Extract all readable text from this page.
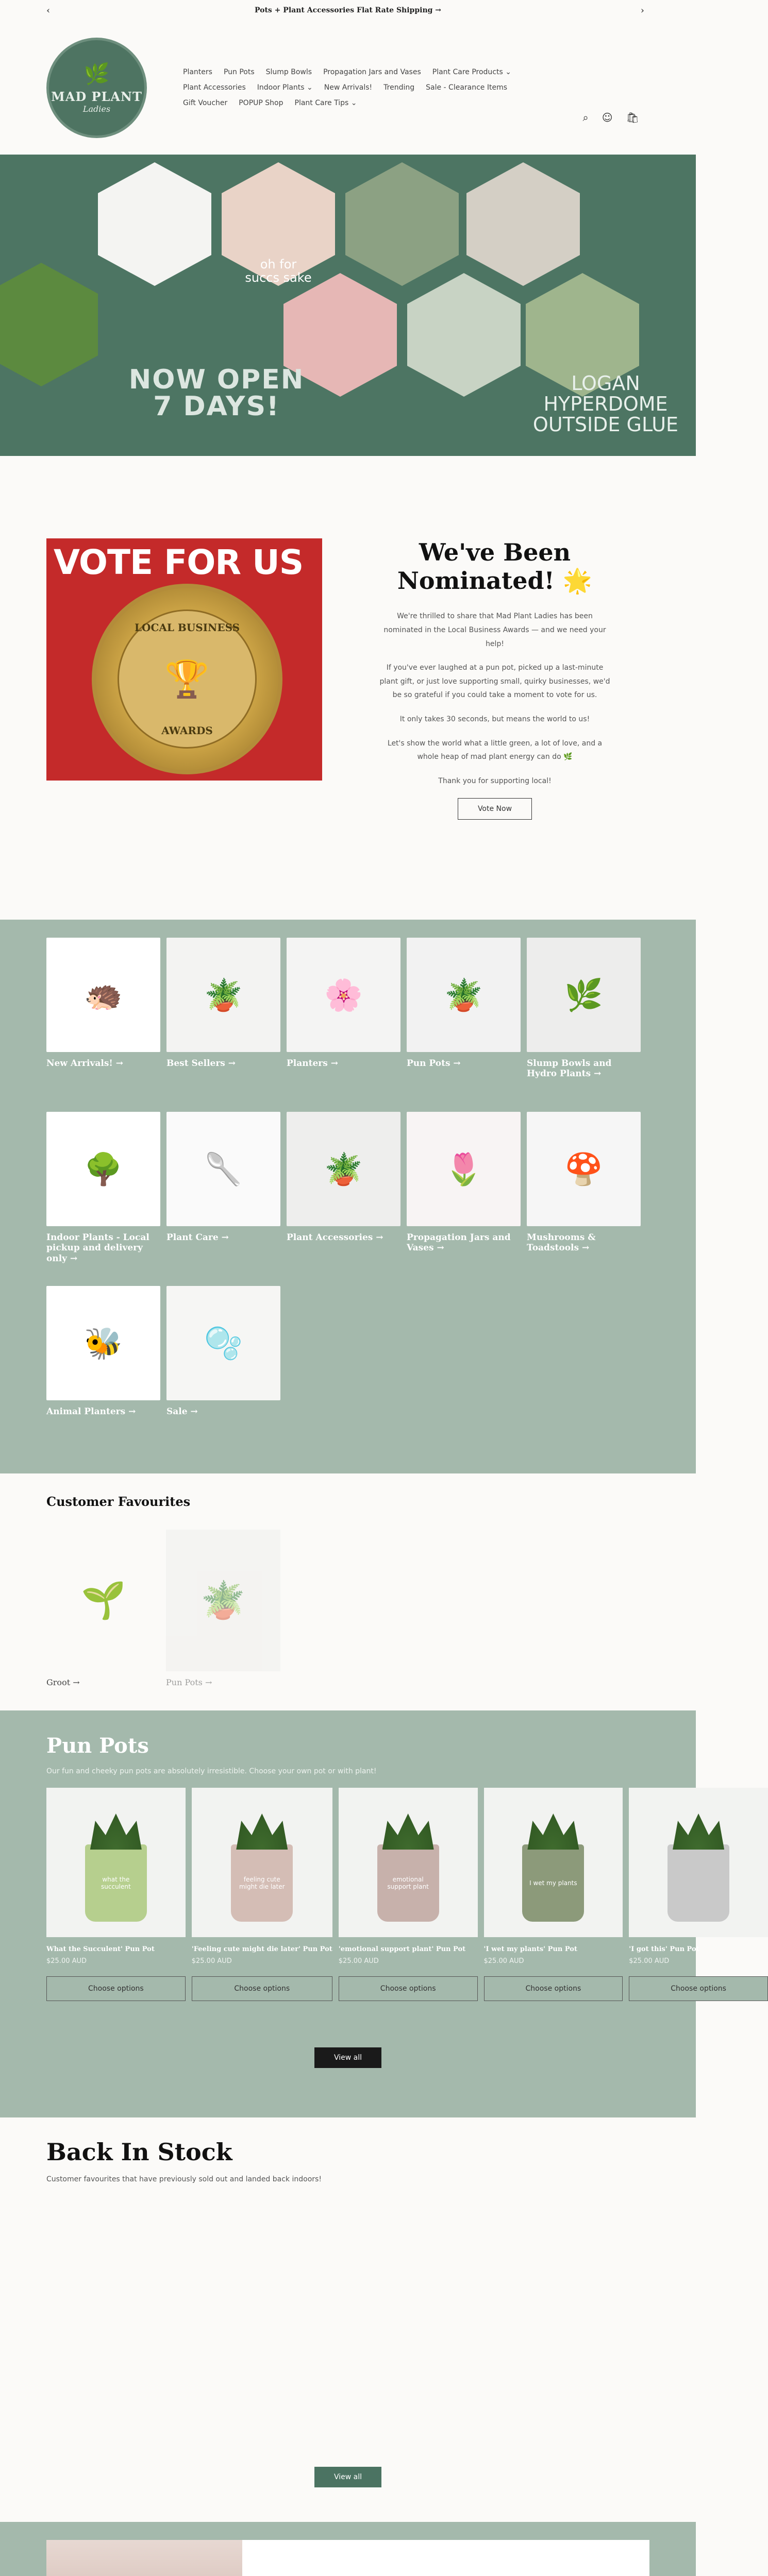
‹	Pots + Plant Accessories Flat Rate Shipping →	›
🌿
MAD PLANT
Ladies
Planters Pun Pots Slump Bowls Propagation Jars and Vases Plant Care Products ⌄
Plant Accessories Indoor Plants ⌄ New Arrivals! Trending Sale - Clearance Items
Gift Voucher POPUP Shop Plant Care Tips ⌄
⌕ ☺ 🛍
oh for succs sake
NOW OPEN 7 DAYS!
LOGAN HYPERDOME OUTSIDE GLUE
VOTE FOR US
LOCAL BUSINESS
🏆
AWARDS
We've Been Nominated! 🌟

We're thrilled to share that Mad Plant Ladies has been nominated in the Local Business Awards — and we need your help!

If you've ever laughed at a pun pot, picked up a last-minute plant gift, or just love supporting small, quirky businesses, we'd be so grateful if you could take a moment to vote for us.

It only takes 30 seconds, but means the world to us!

Let's show the world what a little green, a lot of love, and a whole heap of mad plant energy can do 🌿

Thank you for supporting local!

Vote Now
🦔
New Arrivals! →
🪴
Best Sellers →
🌸
Planters →
🪴
Pun Pots →
🌿
Slump Bowls and Hydro Plants →
🌳
Indoor Plants - Local pickup and delivery only →
🥄
Plant Care →
🪴
Plant Accessories →
🌷
Propagation Jars and Vases →
🍄
Mushrooms & Toadstools →
🐝
Animal Planters →
🫧
Sale →
Customer Favourites
🌱
Groot →
🪴
Pun Pots →
Pun Pots
Our fun and cheeky pun pots are absolutely irresistible. Choose your own pot or with plant!
what the succulent
What the Succulent' Pun Pot
$25.00 AUD
Choose options
feeling cute might die later
'Feeling cute might die later' Pun Pot
$25.00 AUD
Choose options
emotional support plant
'emotional support plant' Pun Pot
$25.00 AUD
Choose options
I wet my plants
'I wet my plants' Pun Pot
$25.00 AUD
Choose options
'I got this' Pun Pot
$25.00 AUD
Choose options
View all
Back In Stock

Customer favourites that have previously sold out and landed back indoors!

View all
